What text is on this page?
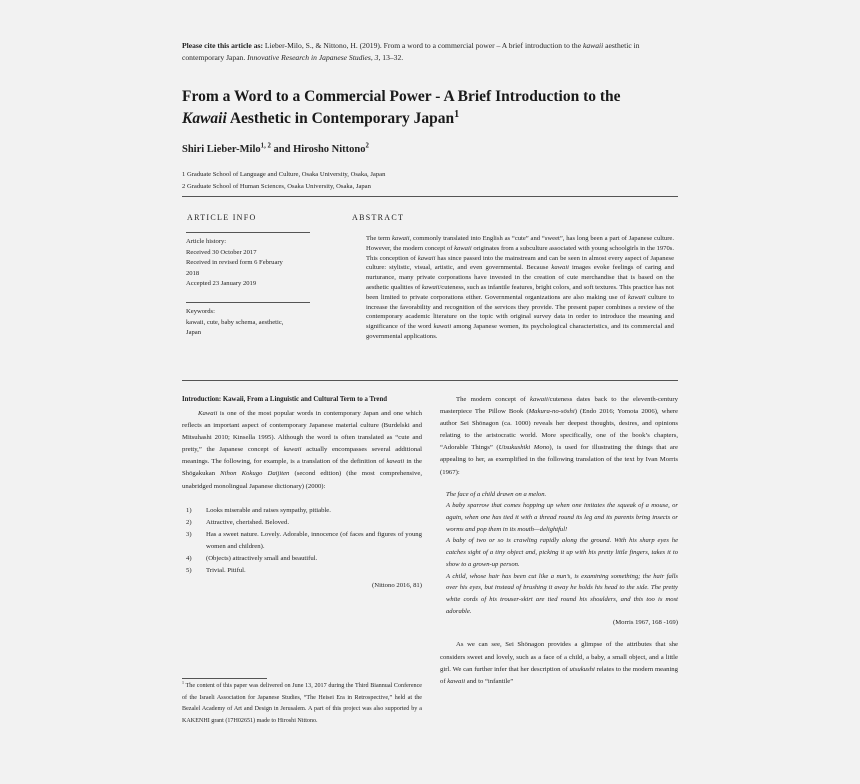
Please cite this article as: Lieber-Milo, S., & Nittono, H. (2019). From a word to a commercial power – A brief introduction to the kawaii aesthetic in contemporary Japan. Innovative Research in Japanese Studies, 3, 13–32.
From a Word to a Commercial Power - A Brief Introduction to the
Kawaii Aesthetic in Contemporary Japan$^1$
Shiri Lieber-Milo$^{1, 2}$ and Hirosho Nittono$^2$
1 Graduate School of Language and Culture, Osaka University, Osaka, Japan
2 Graduate School of Human Sciences, Osaka University, Osaka, Japan
ARTICLE INFO
Article history:
Received 30 October 2017
Received in revised form 6 February
2018
Accepted 23 January 2019
Keywords:
kawaii, cute, baby schema, aesthetic,
Japan
ABSTRACT
The term kawaii, commonly translated into English as “cute” and “sweet”, has long been a part of Japanese culture. However, the modern concept of kawaii originates from a subculture associated with young schoolgirls in the 1970s. This conception of kawaii has since passed into the mainstream and can be seen in almost every aspect of Japanese culture: stylistic, visual, artistic, and even governmental. Because kawaii images evoke feelings of caring and nurturance, many private corporations have invested in the creation of cute merchandise that is based on the aesthetic qualities of kawaii/cuteness, such as infantile features, bright colors, and soft textures. This practice has not been limited to private corporations either. Governmental organizations are also making use of kawaii culture to increase the favorability and recognition of the services they provide. The present paper combines a review of the contemporary academic literature on the topic with original survey data in order to introduce the meaning and significance of the word kawaii among Japanese women, its psychological characteristics, and its commercial and governmental applications.
Introduction: Kawaii, From a Linguistic and Cultural Term to a Trend

Kawaii is one of the most popular words in contemporary Japan and one which reflects an important aspect of contemporary Japanese material culture (Burdelski and Mitsuhashi 2010; Kinsella 1995). Although the word is often translated as “cute and pretty,” the Japanese concept of kawaii actually encompasses several additional meanings. The following, for example, is a translation of the definition of kawaii in the Shōgakukan Nihon Kokugo Daijiten (second edition) (the most comprehensive, unabridged monolingual Japanese dictionary) (2000):

1)	Looks miserable and raises sympathy, pitiable.
2)	Attractive, cherished. Beloved.
3)	Has a sweet nature. Lovely. Adorable, innocence (of faces and figures of young women and children).
4)	(Objects) attractively small and beautiful.
5)	Trivial. Pitiful.
(Nittono 2016, 81)
$^1$ The content of this paper was delivered on June 13, 2017 during the Third Biannual Conference of the Israeli Association for Japanese Studies, “The Heisei Era in Retrospective,” held at the Bezalel Academy of Art and Design in Jerusalem. A part of this project was also supported by a KAKENHI grant (17H02651) made to Hiroshi Nittono.

The modern concept of kawaii/cuteness dates back to the eleventh-century masterpiece The Pillow Book (Makura-no-sōshi) (Endo 2016; Yomota 2006), where author Sei Shōnagon (ca. 1000) reveals her deepest thoughts, desires, and opinions relating to the aristocratic world. More specifically, one of the book’s chapters, “Adorable Things” (Utsukushiki Mono), is used for illustrating the things that are appealing to her, as exemplified in the following translation of the text by Ivan Morris (1967):

The face of a child drawn on a melon.

A baby sparrow that comes hopping up when one imitates the squeak of a mouse, or again, when one has tied it with a thread round its leg and its parents bring insects or worms and pop them in its mouth—delightful!

A baby of two or so is crawling rapidly along the ground. With his sharp eyes he catches sight of a tiny object and, picking it up with his pretty little fingers, takes it to show to a grown-up person.

A child, whose hair has been cut like a nun’s, is examining something; the hair falls over his eyes, but instead of brushing it away he holds his head to the side. The pretty white cords of his trouser-skirt are tied round his shoulders, and this too is most adorable.

(Morris 1967, 168 -169)

As we can see, Sei Shōnagon provides a glimpse of the attributes that she considers sweet and lovely, such as a face of a child, a baby, a small object, and a little girl. We can further infer that her description of utsukushi relates to the modern meaning of kawaii and to “infantile”
